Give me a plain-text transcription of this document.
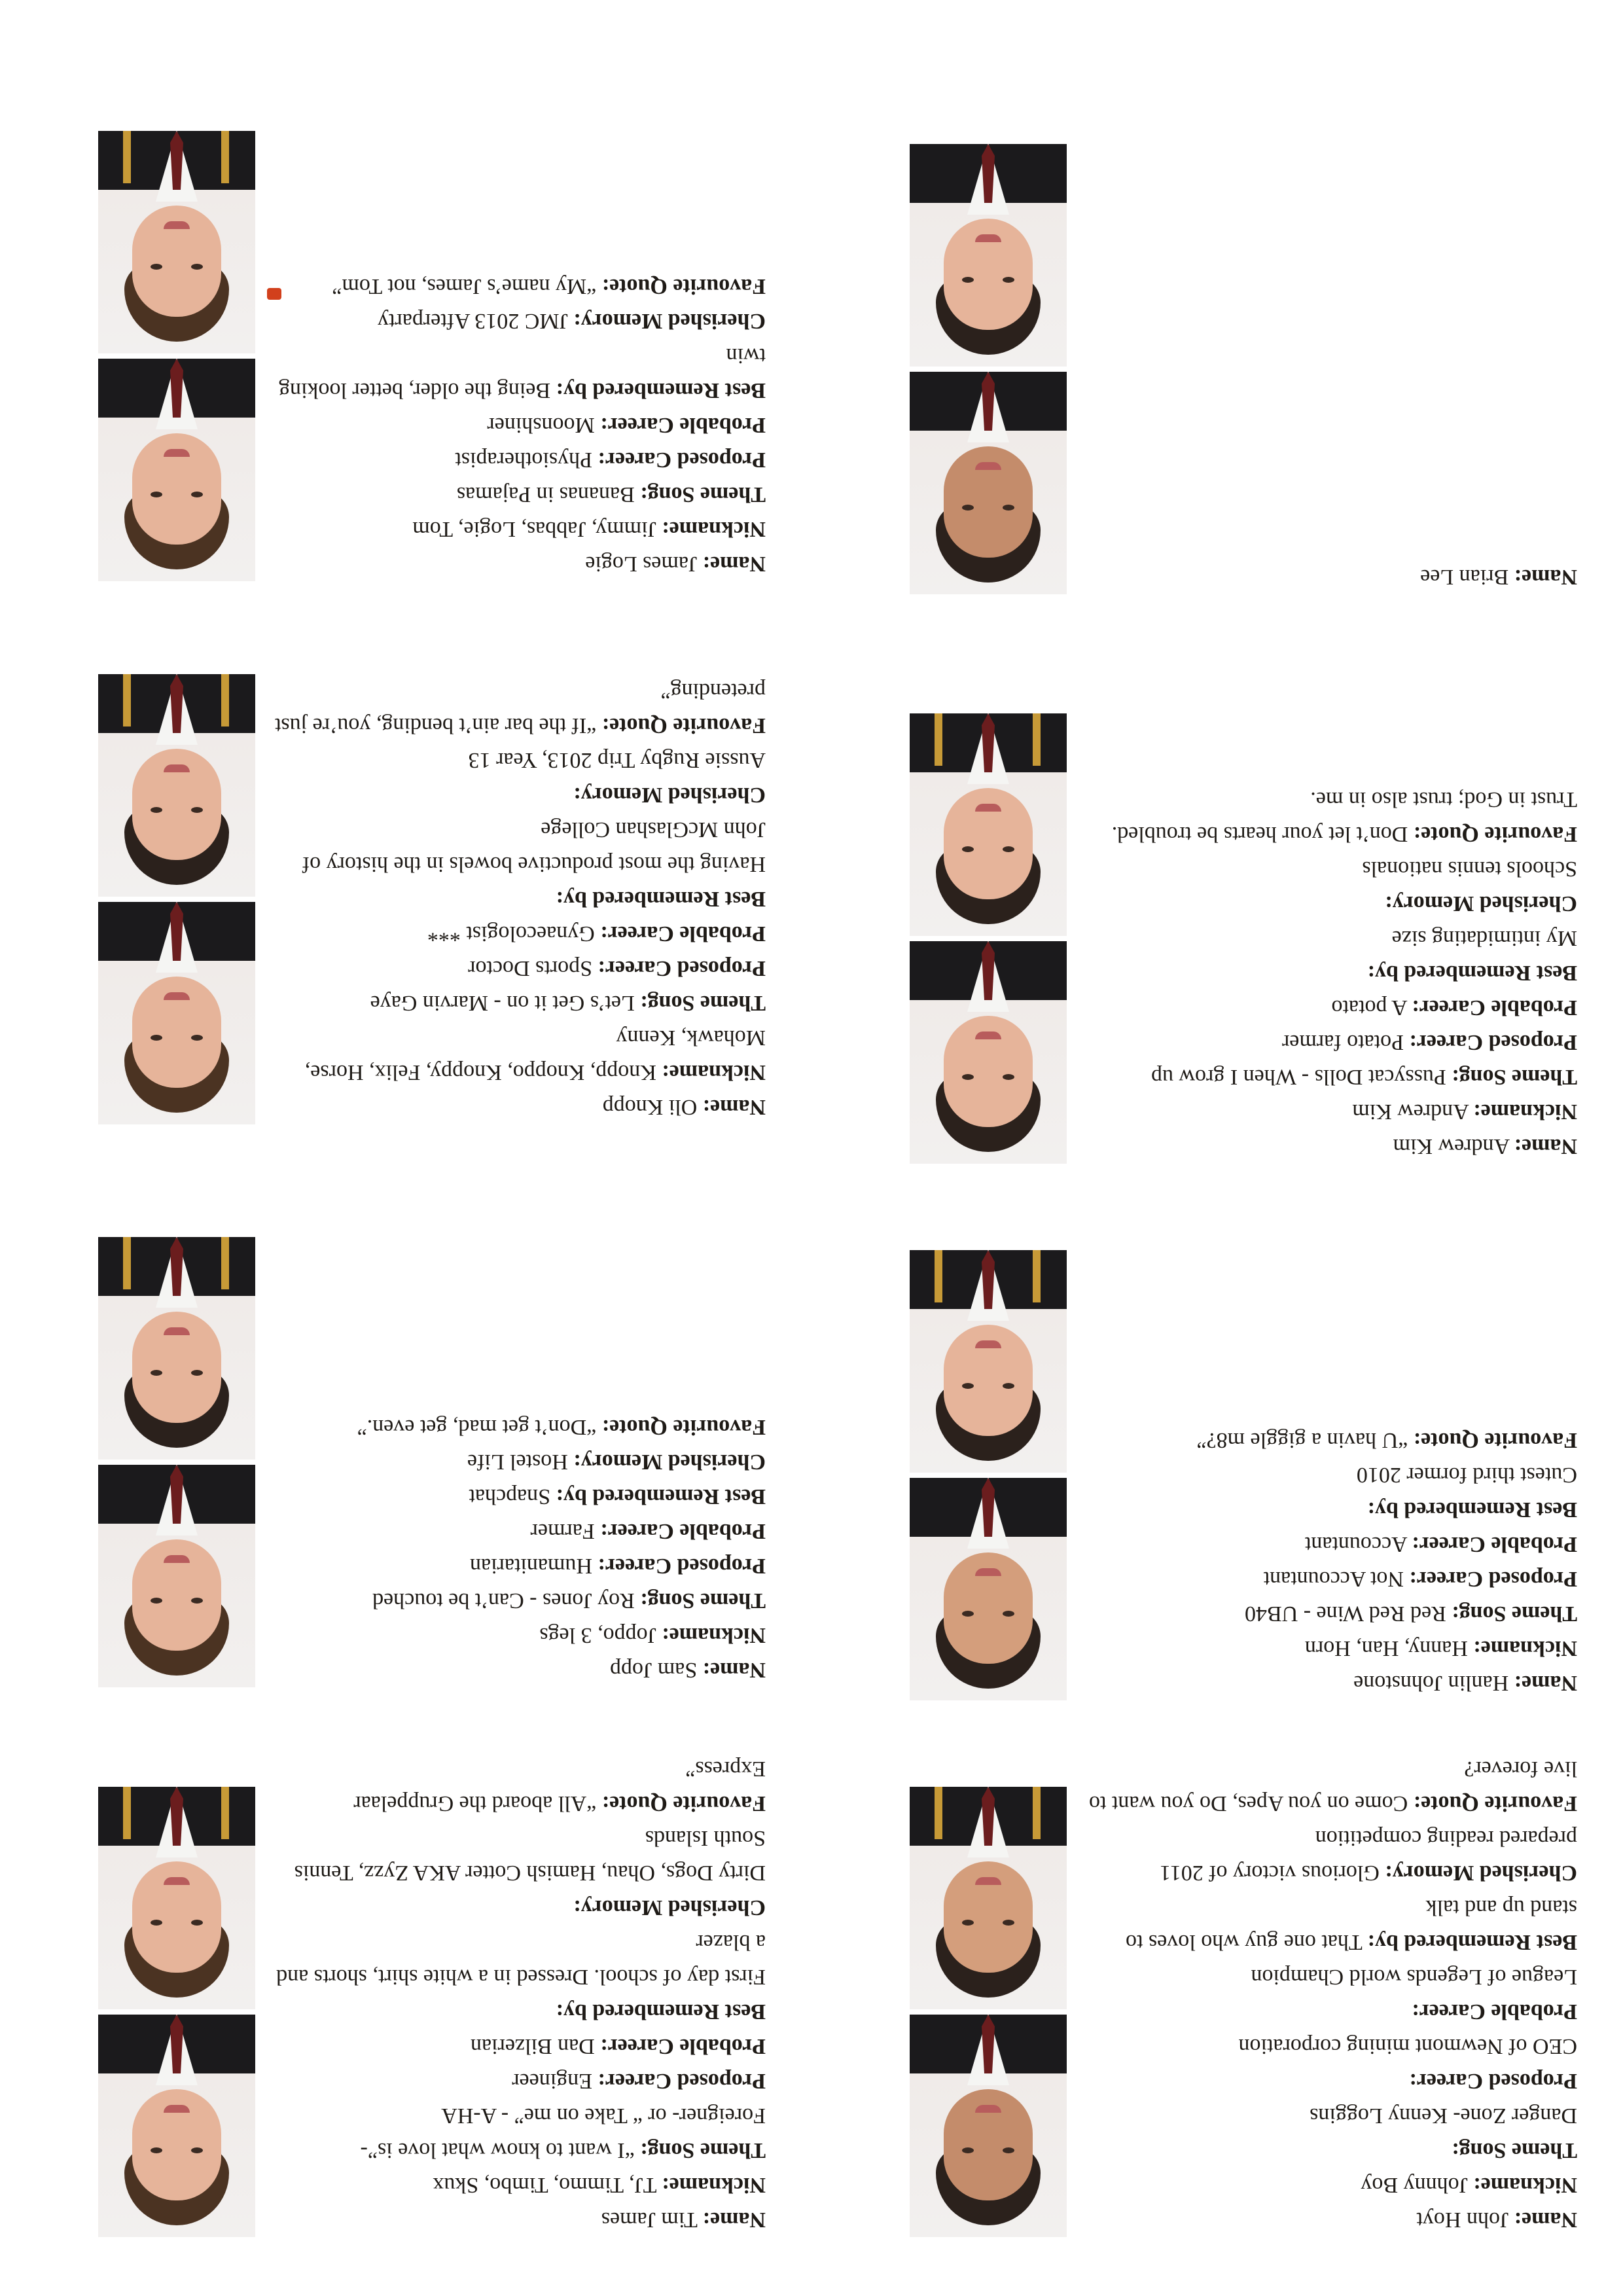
Name: John Hoyt

Nickname: Johnny Boy

Theme Song:

Danger Zone- Kenny Loggins

Proposed Career:

CEO of Newmont mining corporation

Probable Career:

League of Legends world Champion

Best Remembered by: That one guy who loves to stand up and talk

Cherished Memory: Glorious victory of 2011 prepared reading competition

Favourite Quote: Come on you Apes, Do you want to live forever?

Name: Hanlin Johnstone

Nickname: Hanny, Han, Horn

Theme Song: Red Red Wine - UB40

Proposed Career: Not Accountant

Probable Career: Accountant

Best Remembered by:

Cutest third former 2010

Favourite Quote: “U havin a giggle m8?”

Name: Andrew Kim

Nickname: Andrew Kim

Theme Song: Pussycat Dolls - When I grow up

Proposed Career: Potato farmer

Probable Career: A potato

Best Remembered by:

My intimidating size

Cherished Memory:

Schools tennis nationals

Favourite Quote: Don’t let your hearts be troubled. Trust in God; trust also in me.

Name: Brian Lee

Name: Tim James

Nickname: TJ, Timmo, Timbo, Skux

Theme Song: “I want to know what love is”-Foreigner- or “ Take on me” - A-HA

Proposed Career: Engineer

Probable Career: Dan Bilzerian

Best Remembered by:

First day of school. Dressed in a white shirt, shorts and a blazer

Cherished Memory:

Dirty Dogs, Ohau, Hamish Cotter AKA Zyzz, Tennis South Islands

Favourite Quote: “All aboard the Gruppelaar Express”

Name: Sam Jopp

Nickname: Joppo, 3 legs

Theme Song: Roy Jones - Can’t be touched

Proposed Career: Humanitarian

Probable Career: Farmer

Best Remembered by: Snapchat

Cherished Memory: Hostel Life

Favourite Quote: “Don’t get mad, get even.”

Name: Oli Knopp

Nickname: Knopp, Knoppo, Knoppy, Felix, Horse, Mohawk, Kenny

Theme Song: Let’s Get it on - Marvin Gaye

Proposed Career: Sports Doctor

Probable Career: Gynaecologist ***

Best Remembered by:

Having the most productive bowels in the history of John McGlashan College

Cherished Memory:

Aussie Rugby Trip 2013, Year 13

Favourite Quote: “If the bar ain’t bending, you’re just pretending”

Name: James Logie

Nickname: Jimmy, Jabbas, Logie, Tom

Theme Song: Bananas in Pajamas

Proposed Career: Physiotherapist

Probable Career: Moonshiner

Best Remembered by: Being the older, better looking twin

Cherished Memory: JMC 2013 Afterparty

Favourite Quote: “My name’s James, not Tom”
